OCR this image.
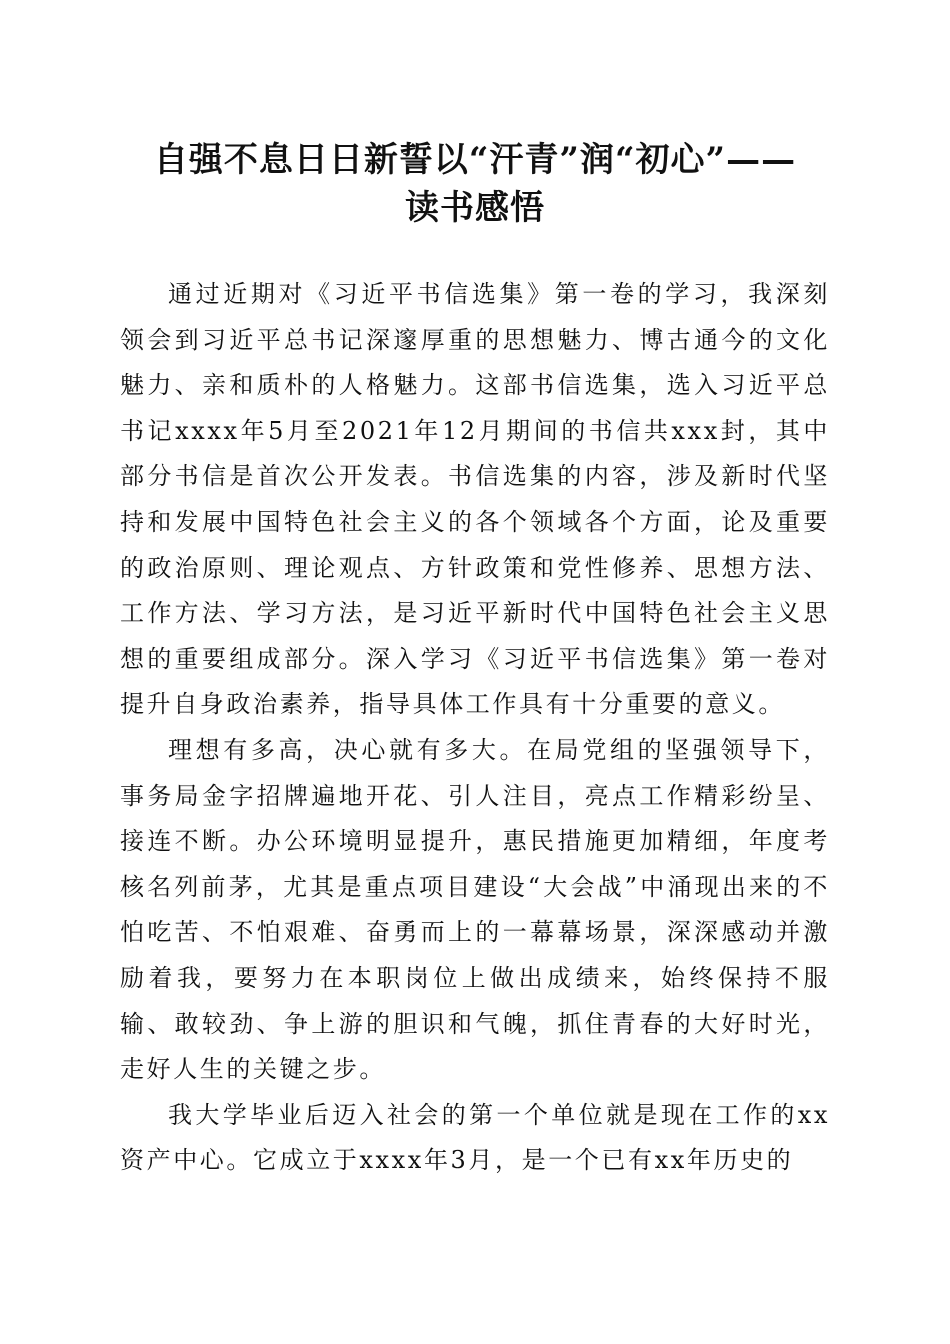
自强不息日日新誓以“汗青”润“初心”——
读书感悟

通过近期对《习近平书信选集》第一卷的学习，我深刻领会到习近平总书记深邃厚重的思想魅力、博古通今的文化魅力、亲和质朴的人格魅力。这部书信选集，选入习近平总书记xxxx年5月至2021年12月期间的书信共xxx封，其中部分书信是首次公开发表。书信选集的内容，涉及新时代坚持和发展中国特色社会主义的各个领域各个方面，论及重要的政治原则、理论观点、方针政策和党性修养、思想方法、工作方法、学习方法，是习近平新时代中国特色社会主义思想的重要组成部分。深入学习《习近平书信选集》第一卷对提升自身政治素养，指导具体工作具有十分重要的意义。

理想有多高，决心就有多大。在局党组的坚强领导下，事务局金字招牌遍地开花、引人注目，亮点工作精彩纷呈、接连不断。办公环境明显提升，惠民措施更加精细，年度考核名列前茅，尤其是重点项目建设“大会战”中涌现出来的不怕吃苦、不怕艰难、奋勇而上的一幕幕场景，深深感动并激励着我，要努力在本职岗位上做出成绩来，始终保持不服输、敢较劲、争上游的胆识和气魄，抓住青春的大好时光，走好人生的关键之步。

我大学毕业后迈入社会的第一个单位就是现在工作的xx资产中心。它成立于xxxx年3月，是一个已有xx年历史的
